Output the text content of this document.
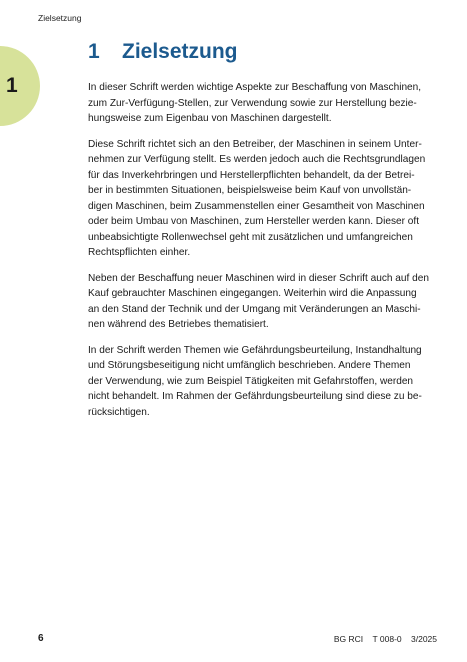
Zielsetzung
1
1 Zielsetzung

In dieser Schrift werden wichtige Aspekte zur Beschaffung von Maschinen,
zum Zur-Verfügung-Stellen, zur Verwendung sowie zur Herstellung bezie-
hungsweise zum Eigenbau von Maschinen dargestellt.

Diese Schrift richtet sich an den Betreiber, der Maschinen in seinem Unter-
nehmen zur Verfügung stellt. Es werden jedoch auch die Rechtsgrundlagen
für das Inverkehrbringen und Herstellerpflichten behandelt, da der Betrei-
ber in bestimmten Situationen, beispielsweise beim Kauf von unvollstän-
digen Maschinen, beim Zusammenstellen einer Gesamtheit von Maschinen
oder beim Umbau von Maschinen, zum Hersteller werden kann. Dieser oft
unbeabsichtigte Rollenwechsel geht mit zusätzlichen und umfangreichen
Rechtspflichten einher.

Neben der Beschaffung neuer Maschinen wird in dieser Schrift auch auf den
Kauf gebrauchter Maschinen eingegangen. Weiterhin wird die Anpassung
an den Stand der Technik und der Umgang mit Veränderungen an Maschi-
nen während des Betriebes thematisiert.

In der Schrift werden Themen wie Gefährdungsbeurteilung, Instandhaltung
und Störungsbeseitigung nicht umfänglich beschrieben. Andere Themen
der Verwendung, wie zum Beispiel Tätigkeiten mit Gefahrstoffen, werden
nicht behandelt. Im Rahmen der Gefährdungsbeurteilung sind diese zu be-
rücksichtigen.

6	BG RCI T 008-0 3/2025
